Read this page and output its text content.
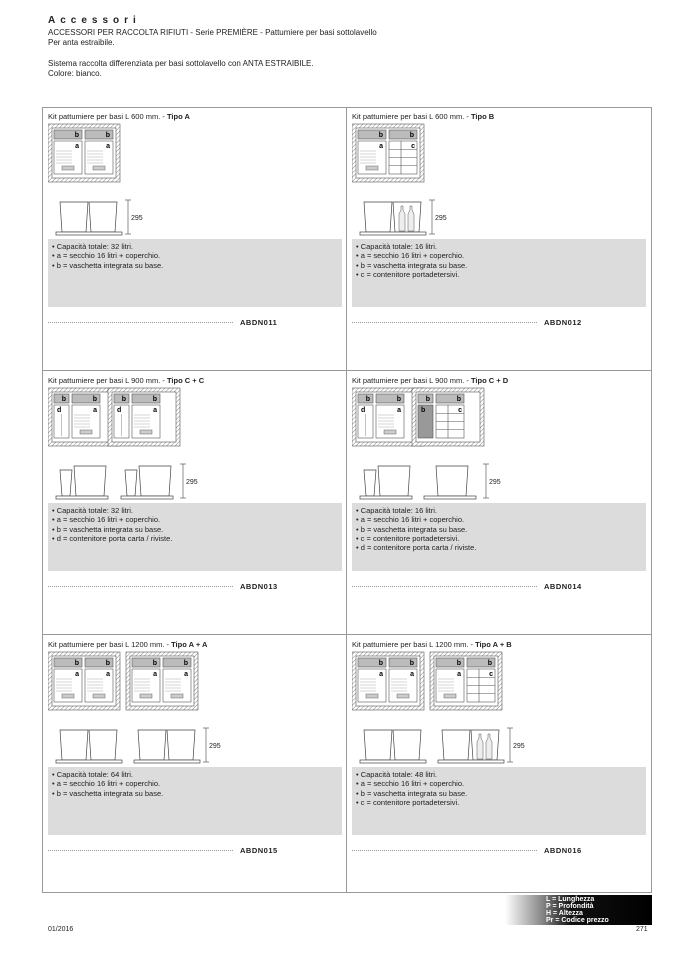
Accessori
ACCESSORI PER RACCOLTA RIFIUTI - Serie PREMIÈRE - Pattumiere per basi sottolavello
Per anta estraibile.
Sistema raccolta differenziata per basi sottolavello con ANTA ESTRAIBILE.
Colore: bianco.
Kit pattumiere per basi L 600 mm. - Tipo A
b	b
a	a
295
• Capacità totale: 32 litri.
• a = secchio 16 litri + coperchio.
• b = vaschetta integrata su base.
ABDN011
Kit pattumiere per basi L 600 mm. - Tipo B
b	b
a	c
295
• Capacità totale: 16 litri.
• a = secchio 16 litri + coperchio.
• b = vaschetta integrata su base.
• c = contenitore portadetersivi.
ABDN012
Kit pattumiere per basi L 900 mm. - Tipo C + C
b	b
d	a
b	b
d	a
295
• Capacità totale: 32 litri.
• a = secchio 16 litri + coperchio.
• b = vaschetta integrata su base.
• d = contenitore porta carta / riviste.
ABDN013
Kit pattumiere per basi L 900 mm. - Tipo C + D
b	b
d	a
b	b
b	c
295
• Capacità totale: 16 litri.
• a = secchio 16 litri + coperchio.
• b = vaschetta integrata su base.
• c = contenitore portadetersivi.
• d = contenitore porta carta / riviste.
ABDN014
Kit pattumiere per basi L 1200 mm. - Tipo A + A
b	b
a	a
b	b
a	a
295
• Capacità totale: 64 litri.
• a = secchio 16 litri + coperchio.
• b = vaschetta integrata su base.
ABDN015
Kit pattumiere per basi L 1200 mm. - Tipo A + B
b	b
a	a
b	b
a	c
295
• Capacità totale: 48 litri.
• a = secchio 16 litri + coperchio.
• b = vaschetta integrata su base.
• c = contenitore portadetersivi.
ABDN016
L = Lunghezza
P = Profondità
H = Altezza
Pr = Codice prezzo
01/2016	271
